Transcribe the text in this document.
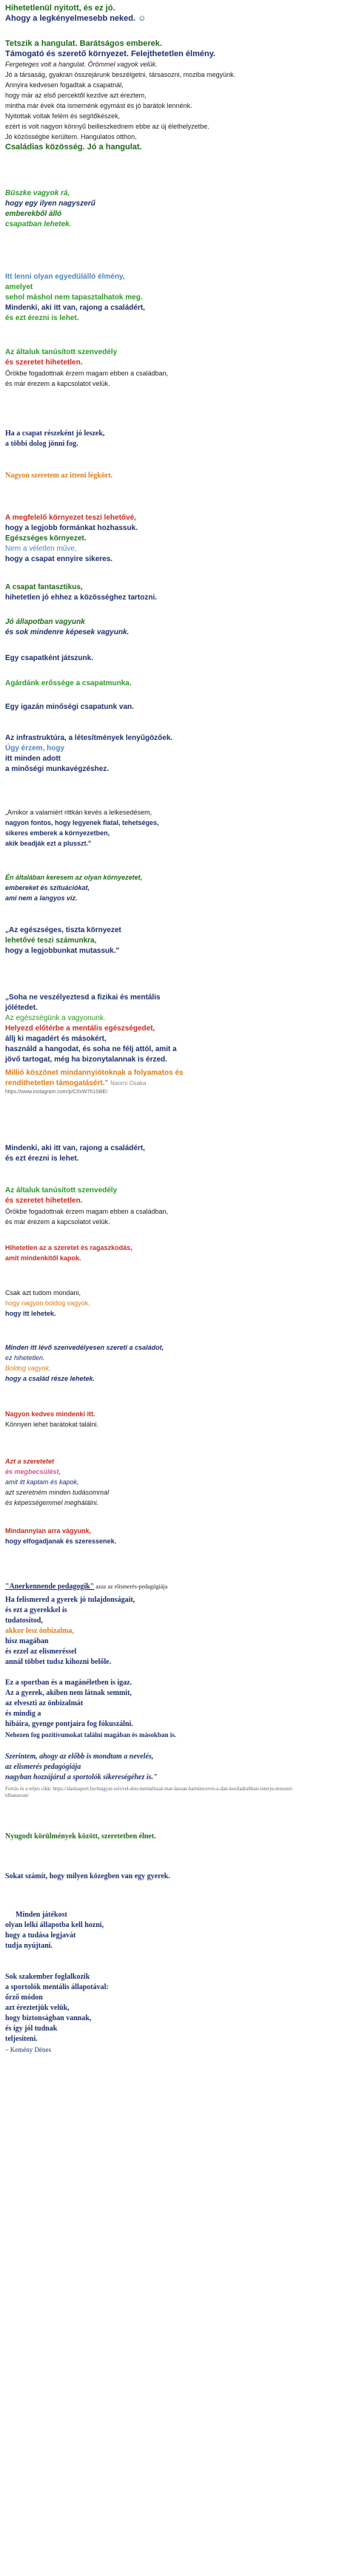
Hihetetlenül nyitott, és ez jó.
Ahogy a legkényelmesebb neked. ☺
Tetszik a hangulat. Barátságos emberek.
Támogató és szerető környezet. Felejthetetlen élmény.
Fergeteges volt a hangulat. Örömmel vagyok velük.
Jó a társaság, gyakran összejárunk beszélgetni, társasozni, moziba megyünk.
Annyira kedvesen fogadtak a csapatnál,
hogy már az első percektől kezdve azt éreztem,
mintha már évek óta ismernénk egymást és jó barátok lennénk.
Nyitottak voltak felém és segítőkészek,
ezért is volt nagyon könnyű beilleszkednem ebbe az új élethelyzetbe.
Jó közösségbe kerültem. Hangulatos otthon,
Családias közösség. Jó a hangulat.
Büszke vagyok rá,
hogy egy ilyen nagyszerű
emberekből álló
csapatban lehetek.
Itt lenni olyan egyedülálló élmény,
amelyet
sehol máshol nem tapasztalhatok meg.
Mindenki, aki itt van, rajong a családért,
és ezt érezni is lehet.
Az általuk tanúsított szenvedély
és szeretet hihetetlen.
Örökbe fogadottnak érzem magam ebben a családban,
és már érezem a kapcsolatot velük.
Ha a csapat részeként jó leszek,
a többi dolog jönni fog.
Nagyon szeretem az itteni légkört.
A megfelelő környezet teszi lehetővé,
hogy a legjobb formánkat hozhassuk.
Egészséges környezet.
Nem a véletlen műve,
hogy a csapat ennyire sikeres.
A csapat fantasztikus,
hihetetlen jó ehhez a közösséghez tartozni.
Jó állapotban vagyunk
és sok mindenre képesek vagyunk.
Egy csapatként játszunk.
Agárdánk erőssége a csapatmunka.
Egy igazán minőségi csapatunk van.
Az infrastruktúra, a létesítmények lenyűgözőek.
Úgy érzem, hogy
itt minden adott
a minőségi munkavégzéshez.
„Amikor a valamiért rittkán kevés a lelkesedésem,
nagyon fontos, hogy legyenek fiatal, tehetséges,
sikeres emberek a környezetben,
akik beadják ezt a plusszt."
Én általában keresem az olyan környezetet,
embereket és szituációkat,
ami nem a langyos víz.
„Az egészséges, tiszta környezet
lehetővé teszi számunkra,
hogy a legjobbunkat mutassuk."
„Soha ne veszélyeztesd a fizikai és mentális
jólétedet.
Az egészségünk a vagyonunk.
Helyezd előtérbe a mentális egészségedet,
állj ki magadért és másokért,
használd a hangodat, és soha ne félj attól, amit a
jövő tartogat, még ha bizonytalannak is érzed.
Millió köszönet mindannyiótoknak a folyamatos és
rendíthetetlen támogatásért." Naomi Osaka
https://www.instagram.com/p/C0xW7h1SBE/
Mindenki, aki itt van, rajong a családért,
és ezt érezni is lehet.
Az általuk tanúsított szenvedély
és szeretet hihetetlen.
Örökbe fogadottnak érzem magam ebben a családban,
és már érezem a kapcsolatot velük.
Hihetetlen az a szeretet és ragaszkodás,
amit mindenkitől kapok.
Csak azt tudom mondani,
hogy nagyon boldog vagyok,
hogy itt lehetek.
Minden itt lévő szenvedélyesen szereti a családot,
ez hihetetlen.
Boldog vagyok,
hogy a család része lehetek.
Nagyon kedves mindenki itt.
Könnyen lehet barátokat találni.
Azt a szeretetet
és megbecsülést,
amit itt kaptam és kapok,
azt szeretném minden tudásommal
és képességemmel meghálálni.
Mindannyian arra vágyunk,
hogy elfogadjanak és szeressenek.
"Anerkennende pedagogik" azaz az elismerés-pedagógiája
Ha felismered a gyerek jó tulajdonságait,
és ezt a gyerekkel is
tudatosítod,
akkor lesz önbizalma,
hisz magában
és ezzel az elismeréssel
annál többet tudsz kihozni belőle.
Ez a sportban és a magánéletben is igaz.
Az a gyerek, akiben nem látnak semmit,
az elveszti az önbizalmát
és mindig a
hibáira, gyenge pontjaira fog fókuszálni.
Nehezen fog pozitívumokat találni magában és másokban is.
Szerintem, ahogy az előbb is mondtam a nevelés,
az elismerés pedagógiája
nagyban hozzájárul a sportolók sikereségéhez is."
Forrás és a teljes cikk: https://danlasport.hu/magyar-szivvel-den-mentalissal-mar-lassan-harmincevre-a-dan-keziladrabban-interju-meszeri-tdhanseran/
Nyugodt körülmények között, szeretetben élnet.
Sokat számít, hogy milyen közegben van egy gyerek.
Minden játékost
olyan lelki állapotba kell hozni,
hogy a tudása legjavát
tudja nyújtani.
Sok szakember foglalkozik
a sportolók mentális állapotával:
őrző módon
azt éreztetjük velük,
hogy biztonságban vannak,
és így jól tudnak
teljesíteni.
– Kemény Dénes
